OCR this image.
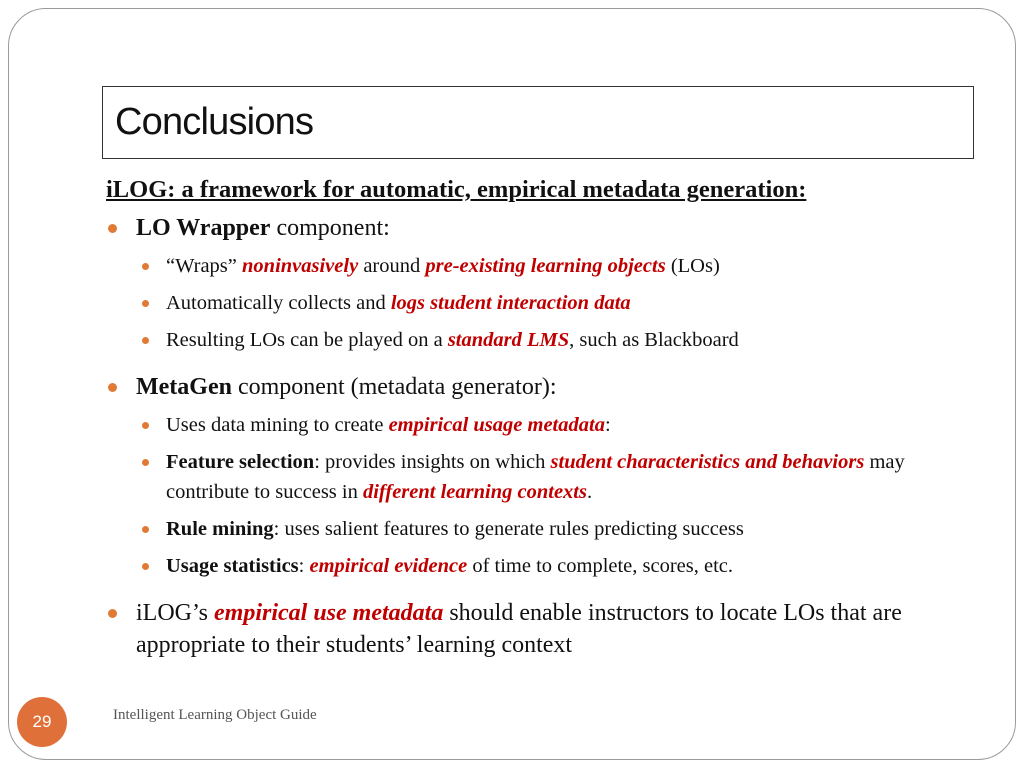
Conclusions
iLOG: a framework for automatic, empirical metadata generation:
LO Wrapper component:
“Wraps” noninvasively around pre-existing learning objects (LOs)
Automatically collects and logs student interaction data
Resulting LOs can be played on a standard LMS, such as Blackboard
MetaGen component (metadata generator):
Uses data mining to create empirical usage metadata:
Feature selection: provides insights on which student characteristics and behaviors may contribute to success in different learning contexts.
Rule mining: uses salient features to generate rules predicting success
Usage statistics: empirical evidence of time to complete, scores, etc.
iLOG’s empirical use metadata should enable instructors to locate LOs that are appropriate to their students’ learning context
29	Intelligent Learning Object Guide
